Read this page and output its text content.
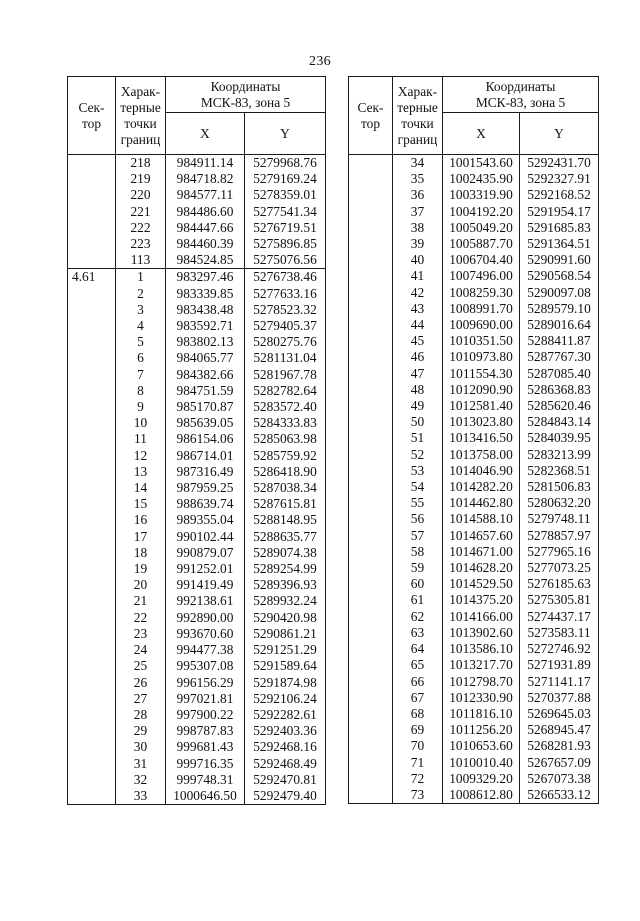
236
Сек-
тор	Харак-
терные
точки
границ	Координаты
МСК-83, зона 5	
		X	Y
	218	984911.14	5279968.76
	219	984718.82	5279169.24
	220	984577.11	5278359.01
	221	984486.60	5277541.34
	222	984447.66	5276719.51
	223	984460.39	5275896.85
	113	984524.85	5275076.56
4.61	1	983297.46	5276738.46
	2	983339.85	5277633.16
	3	983438.48	5278523.32
	4	983592.71	5279405.37
	5	983802.13	5280275.76
	6	984065.77	5281131.04
	7	984382.66	5281967.78
	8	984751.59	5282782.64
	9	985170.87	5283572.40
	10	985639.05	5284333.83
	11	986154.06	5285063.98
	12	986714.01	5285759.92
	13	987316.49	5286418.90
	14	987959.25	5287038.34
	15	988639.74	5287615.81
	16	989355.04	5288148.95
	17	990102.44	5288635.77
	18	990879.07	5289074.38
	19	991252.01	5289254.99
	20	991419.49	5289396.93
	21	992138.61	5289932.24
	22	992890.00	5290420.98
	23	993670.60	5290861.21
	24	994477.38	5291251.29
	25	995307.08	5291589.64
	26	996156.29	5291874.98
	27	997021.81	5292106.24
	28	997900.22	5292282.61
	29	998787.83	5292403.36
	30	999681.43	5292468.16
	31	999716.35	5292468.49
	32	999748.31	5292470.81
	33	1000646.50	5292479.40
Сек-
тор	Харак-
терные
точки
границ	Координаты
МСК-83, зона 5	
		X	Y
	34	1001543.60	5292431.70
	35	1002435.90	5292327.91
	36	1003319.90	5292168.52
	37	1004192.20	5291954.17
	38	1005049.20	5291685.83
	39	1005887.70	5291364.51
	40	1006704.40	5290991.60
	41	1007496.00	5290568.54
	42	1008259.30	5290097.08
	43	1008991.70	5289579.10
	44	1009690.00	5289016.64
	45	1010351.50	5288411.87
	46	1010973.80	5287767.30
	47	1011554.30	5287085.40
	48	1012090.90	5286368.83
	49	1012581.40	5285620.46
	50	1013023.80	5284843.14
	51	1013416.50	5284039.95
	52	1013758.00	5283213.99
	53	1014046.90	5282368.51
	54	1014282.20	5281506.83
	55	1014462.80	5280632.20
	56	1014588.10	5279748.11
	57	1014657.60	5278857.97
	58	1014671.00	5277965.16
	59	1014628.20	5277073.25
	60	1014529.50	5276185.63
	61	1014375.20	5275305.81
	62	1014166.00	5274437.17
	63	1013902.60	5273583.11
	64	1013586.10	5272746.92
	65	1013217.70	5271931.89
	66	1012798.70	5271141.17
	67	1012330.90	5270377.88
	68	1011816.10	5269645.03
	69	1011256.20	5268945.47
	70	1010653.60	5268281.93
	71	1010010.40	5267657.09
	72	1009329.20	5267073.38
	73	1008612.80	5266533.12
